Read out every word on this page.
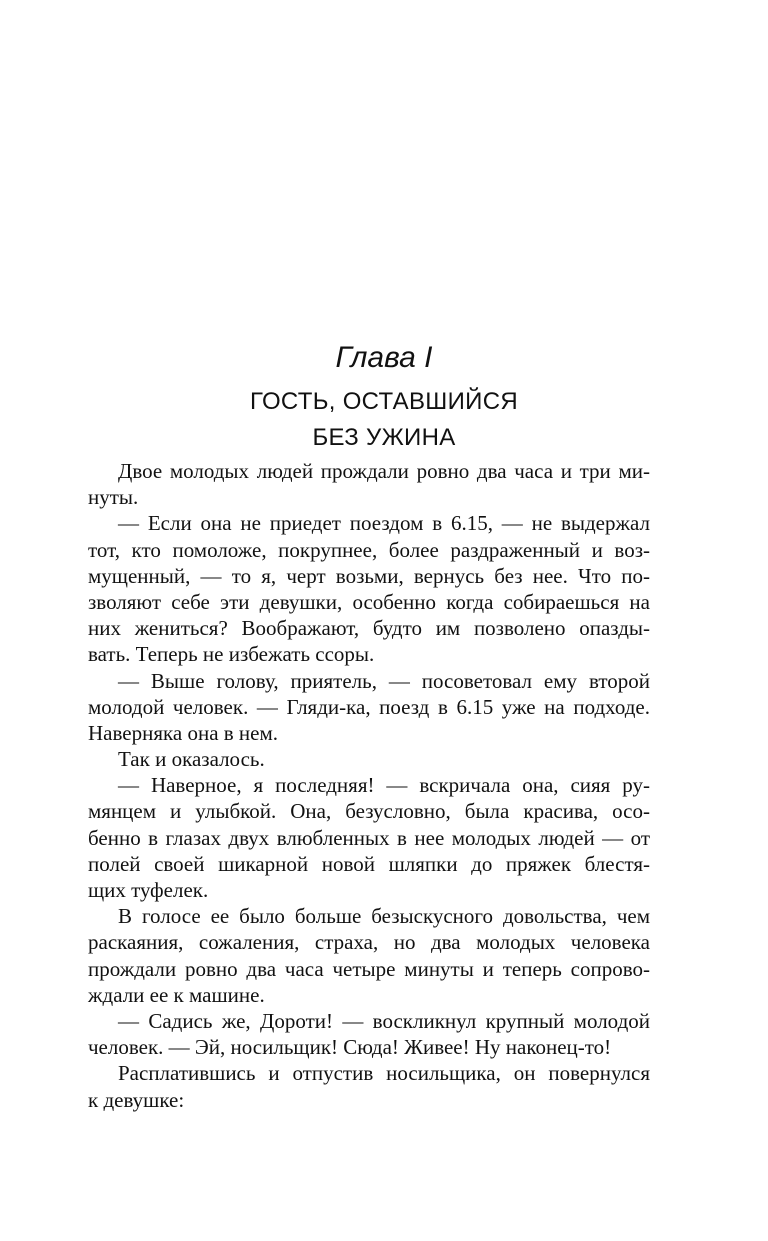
Глава I
ГОСТЬ, ОСТАВШИЙСЯ
БЕЗ УЖИНА
Двое молодых людей прождали ровно два часа и три ми-
нуты.
— Если она не приедет поездом в 6.15, — не выдержал
тот, кто помоложе, покрупнее, более раздраженный и воз-
мущенный, — то я, черт возьми, вернусь без нее. Что по-
зволяют себе эти девушки, особенно когда собираешься на
них жениться? Воображают, будто им позволено опазды-
вать. Теперь не избежать ссоры.
— Выше голову, приятель, — посоветовал ему второй
молодой человек. — Гляди-ка, поезд в 6.15 уже на подходе.
Наверняка она в нем.
Так и оказалось.
— Наверное, я последняя! — вскричала она, сияя ру-
мянцем и улыбкой. Она, безусловно, была красива, осо-
бенно в глазах двух влюбленных в нее молодых людей — от
полей своей шикарной новой шляпки до пряжек блестя-
щих туфелек.
В голосе ее было больше безыскусного довольства, чем
раскаяния, сожаления, страха, но два молодых человека
прождали ровно два часа четыре минуты и теперь сопрово-
ждали ее к машине.
— Садись же, Дороти! — воскликнул крупный молодой
человек. — Эй, носильщик! Сюда! Живее! Ну наконец-то!
Расплатившись и отпустив носильщика, он повернулся
к девушке:
